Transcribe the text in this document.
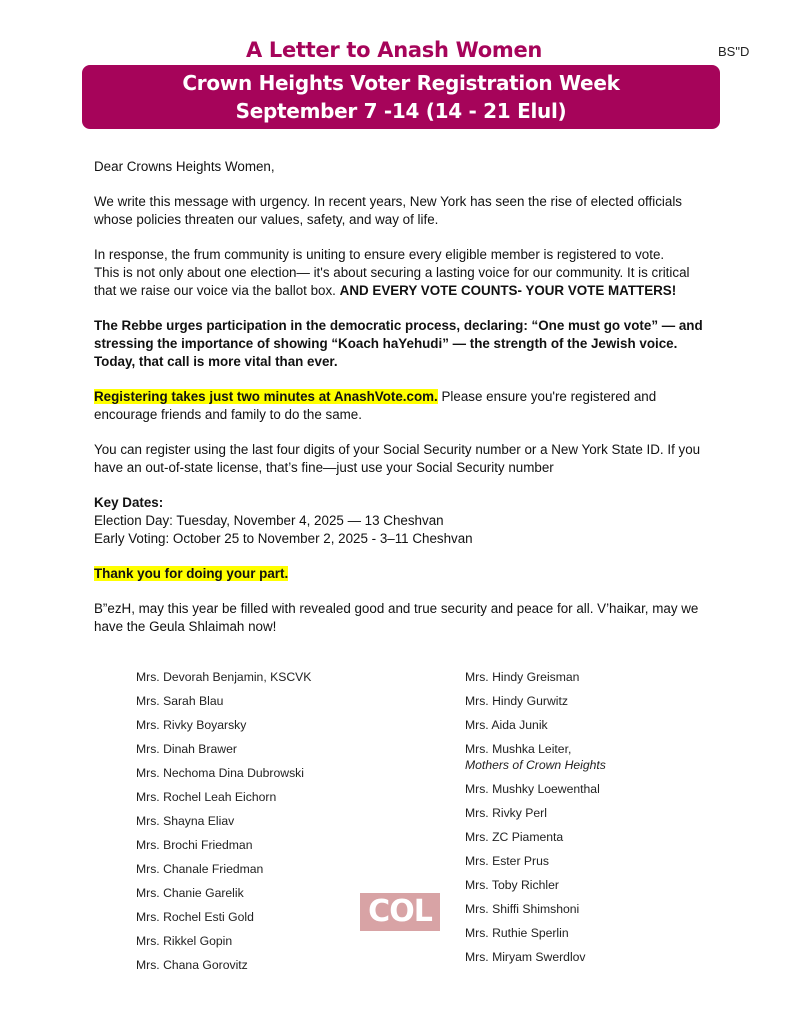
BS"D
A Letter to Anash Women
Crown Heights Voter Registration Week
September 7 -14 (14 - 21 Elul)

Dear Crowns Heights Women,

We write this message with urgency. In recent years, New York has seen the rise of elected officials whose policies threaten our values, safety, and way of life.

In response, the frum community is uniting to ensure every eligible member is registered to vote.
This is not only about one election— it's about securing a lasting voice for our community. It is critical that we raise our voice via the ballot box. AND EVERY VOTE COUNTS- YOUR VOTE MATTERS!

The Rebbe urges participation in the democratic process, declaring: “One must go vote” — and stressing the importance of showing “Koach haYehudi” — the strength of the Jewish voice. Today, that call is more vital than ever.

Registering takes just two minutes at AnashVote.com. Please ensure you're registered and encourage friends and family to do the same.

You can register using the last four digits of your Social Security number or a New York State ID. If you have an out-of-state license, that’s fine—just use your Social Security number

Key Dates:
Election Day: Tuesday, November 4, 2025 — 13 Cheshvan
Early Voting: October 25 to November 2, 2025 - 3–11 Cheshvan

Thank you for doing your part.

B”ezH, may this year be filled with revealed good and true security and peace for all. V’haikar, may we have the Geula Shlaimah now!

Mrs. Devorah Benjamin, KSCVK
Mrs. Sarah Blau
Mrs. Rivky Boyarsky
Mrs. Dinah Brawer
Mrs. Nechoma Dina Dubrowski
Mrs. Rochel Leah Eichorn
Mrs. Shayna Eliav
Mrs. Brochi Friedman
Mrs. Chanale Friedman
Mrs. Chanie Garelik
Mrs. Rochel Esti Gold
Mrs. Rikkel Gopin
Mrs. Chana Gorovitz
Mrs. Hindy Greisman
Mrs. Hindy Gurwitz
Mrs. Aida Junik
Mrs. Mushka Leiter,
Mothers of Crown Heights
Mrs. Mushky Loewenthal
Mrs. Rivky Perl
Mrs. ZC Piamenta
Mrs. Ester Prus
Mrs. Toby Richler
Mrs. Shiffi Shimshoni
Mrs. Ruthie Sperlin
Mrs. Miryam Swerdlov
COL
